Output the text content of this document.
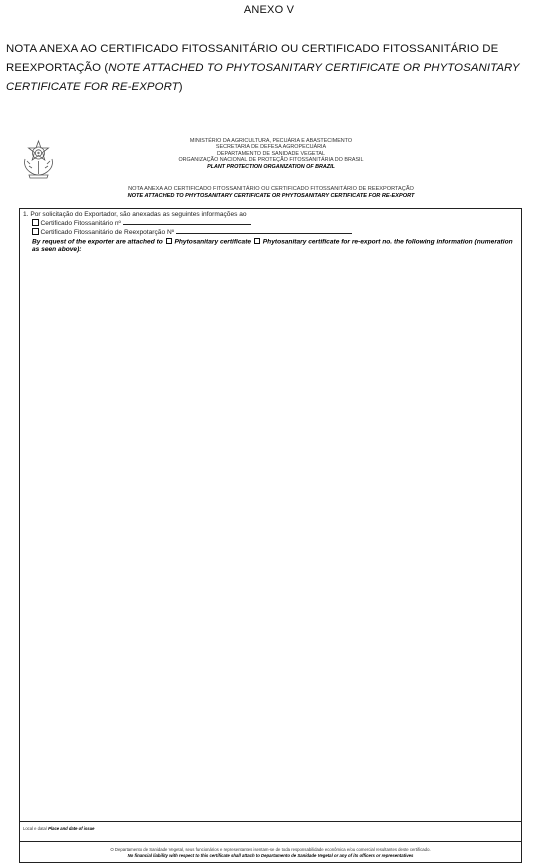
ANEXO V
NOTA ANEXA AO CERTIFICADO FITOSSANITÁRIO OU CERTIFICADO FITOSSANITÁRIO DE REEXPORTAÇÃO (NOTE ATTACHED TO PHYTOSANITARY CERTIFICATE OR PHYTOSANITARY CERTIFICATE FOR RE-EXPORT)
MINISTÉRIO DA AGRICULTURA, PECUÁRIA E ABASTECIMENTO
SECRETARIA DE DEFESA AGROPECUÁRIA
DEPARTAMENTO DE SANIDADE VEGETAL
ORGANIZAÇÃO NACIONAL DE PROTEÇÃO FITOSSANITÁRIA DO BRASIL
PLANT PROTECTION ORGANIZATION OF BRAZIL
NOTA ANEXA AO CERTIFICADO FITOSSANITÁRIO OU CERTIFICADO FITOSSANITÁRIO DE REEXPORTAÇÃO
NOTE ATTACHED TO PHYTOSANITARY CERTIFICATE OR PHYTOSANITARY CERTIFICATE FOR RE-EXPORT
1. Por solicitação do Exportador, são anexadas as seguintes informações ao
Certificado Fitossanitário nº
Certificado Fitossanitário de Reexpotarção Nº
By request of the exporter are attached to Phytosanitary certificate Phytosanitary certificate for re-export no. the following information (numeration as seen above):
Local e data/ Place and date of issue
O Departamento de Sanidade Vegetal, seus funcionários e representantes isentam-se de toda responsabilidade econômica e/ou comercial resultantes deste certificado.
No financial liability with respect to this certificate shall attach to Departamento de Sanidade Vegetal or any of its officers or representatives
